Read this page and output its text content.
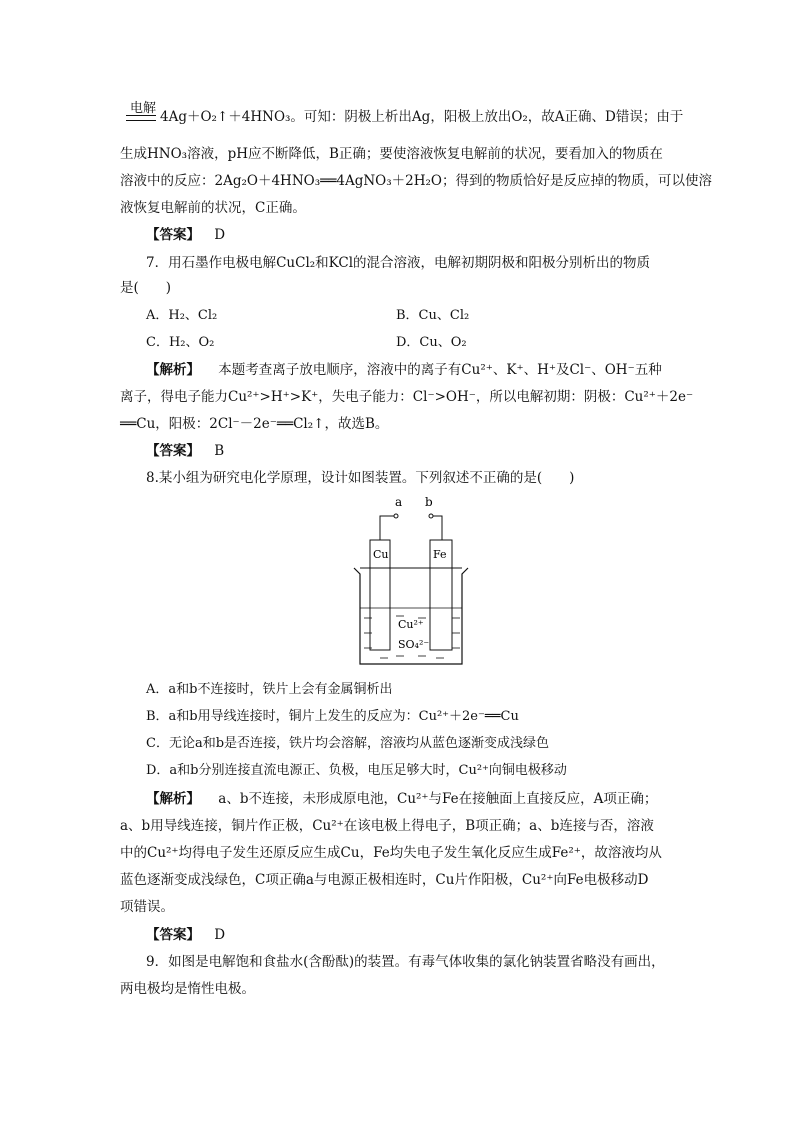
电解
4Ag＋O₂↑＋4HNO₃。可知：阴极上析出Ag，阳极上放出O₂，故A正确、D错误；由于
生成HNO₃溶液，pH应不断降低，B正确；要使溶液恢复电解前的状况，要看加入的物质在
溶液中的反应：2Ag₂O＋4HNO₃══4AgNO₃＋2H₂O；得到的物质恰好是反应掉的物质，可以使溶
液恢复电解前的状况，C正确。
【答案】 D
7．用石墨作电极电解CuCl₂和KCl的混合溶液，电解初期阴极和阳极分别析出的物质
是(　　)
A．H₂、Cl₂	B．Cu、Cl₂
C．H₂、O₂	D．Cu、O₂
【解析】 本题考查离子放电顺序，溶液中的离子有Cu²⁺、K⁺、H⁺及Cl⁻、OH⁻五种
离子，得电子能力Cu²⁺>H⁺>K⁺，失电子能力：Cl⁻>OH⁻，所以电解初期：阴极：Cu²⁺＋2e⁻
══Cu，阳极：2Cl⁻－2e⁻══Cl₂↑，故选B。
【答案】 B
8.某小组为研究电化学原理，设计如图装置。下列叙述不正确的是(　　)
a b
Cu	Fe
Cu²⁺
SO₄²⁻
A．a和b不连接时，铁片上会有金属铜析出
B．a和b用导线连接时，铜片上发生的反应为：Cu²⁺＋2e⁻══Cu
C．无论a和b是否连接，铁片均会溶解，溶液均从蓝色逐渐变成浅绿色
D．a和b分别连接直流电源正、负极，电压足够大时，Cu²⁺向铜电极移动
【解析】 a、b不连接，未形成原电池，Cu²⁺与Fe在接触面上直接反应，A项正确；
a、b用导线连接，铜片作正极，Cu²⁺在该电极上得电子，B项正确；a、b连接与否，溶液
中的Cu²⁺均得电子发生还原反应生成Cu，Fe均失电子发生氧化反应生成Fe²⁺，故溶液均从
蓝色逐渐变成浅绿色，C项正确a与电源正极相连时，Cu片作阳极，Cu²⁺向Fe电极移动D
项错误。
【答案】 D
9．如图是电解饱和食盐水(含酚酞)的装置。有毒气体收集的氯化钠装置省略没有画出，
两电极均是惰性电极。
